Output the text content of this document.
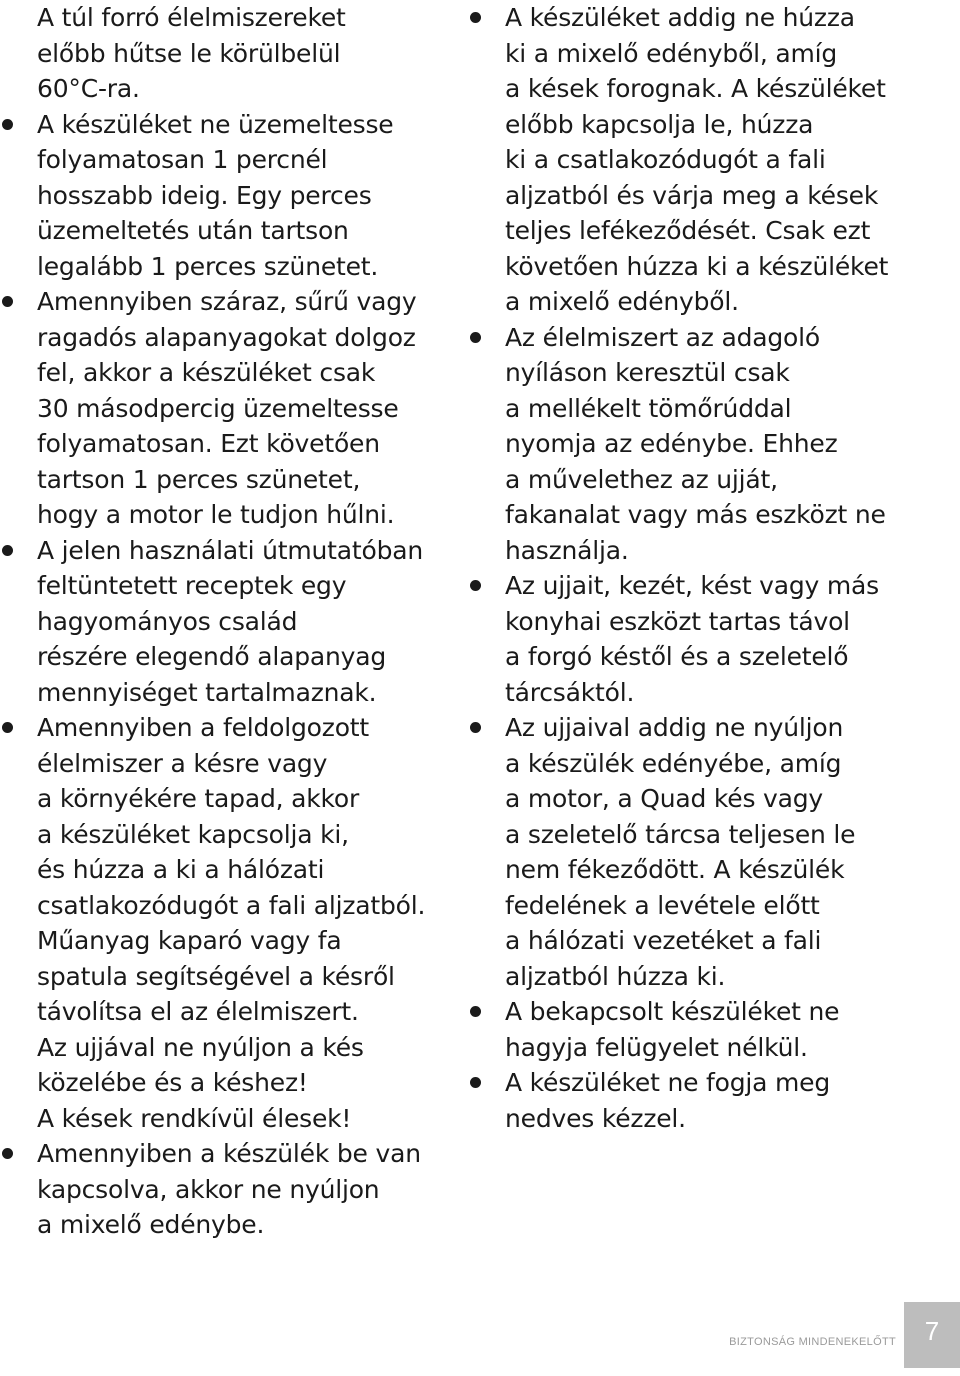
A túl forró élelmiszereket
előbb hűtse le körülbelül
60°C-ra.
A készüléket ne üzemeltesse
folyamatosan 1 percnél
hosszabb ideig. Egy perces
üzemeltetés után tartson
legalább 1 perces szünetet.
Amennyiben száraz, sűrű vagy
ragadós alapanyagokat dolgoz
fel, akkor a készüléket csak
30 másodpercig üzemeltesse
folyamatosan. Ezt követően
tartson 1 perces szünetet,
hogy a motor le tudjon hűlni.
A jelen használati útmutatóban
feltüntetett receptek egy
hagyományos család
részére elegendő alapanyag
mennyiséget tartalmaznak.
Amennyiben a feldolgozott
élelmiszer a késre vagy
a környékére tapad, akkor
a készüléket kapcsolja ki,
és húzza a ki a hálózati
csatlakozódugót a fali aljzatból.
Műanyag kaparó vagy fa
spatula segítségével a késről
távolítsa el az élelmiszert.
Az ujjával ne nyúljon a kés
közelébe és a késhez!
A kések rendkívül élesek!
Amennyiben a készülék be van
kapcsolva, akkor ne nyúljon
a mixelő edénybe.
A készüléket addig ne húzza
ki a mixelő edényből, amíg
a kések forognak. A készüléket
előbb kapcsolja le, húzza
ki a csatlakozódugót a fali
aljzatból és várja meg a kések
teljes lefékeződését. Csak ezt
követően húzza ki a készüléket
a mixelő edényből.
Az élelmiszert az adagoló
nyíláson keresztül csak
a mellékelt tömőrúddal
nyomja az edénybe. Ehhez
a művelethez az ujját,
fakanalat vagy más eszközt ne
használja.
Az ujjait, kezét, kést vagy más
konyhai eszközt tartas távol
a forgó késtől és a szeletelő
tárcsáktól.
Az ujjaival addig ne nyúljon
a készülék edényébe, amíg
a motor, a Quad kés vagy
a szeletelő tárcsa teljesen le
nem fékeződött. A készülék
fedelének a levétele előtt
a hálózati vezetéket a fali
aljzatból húzza ki.
A bekapcsolt készüléket ne
hagyja felügyelet nélkül.
A készüléket ne fogja meg
nedves kézzel.
BIZTONSÁG MINDENEKELŐTT 7
